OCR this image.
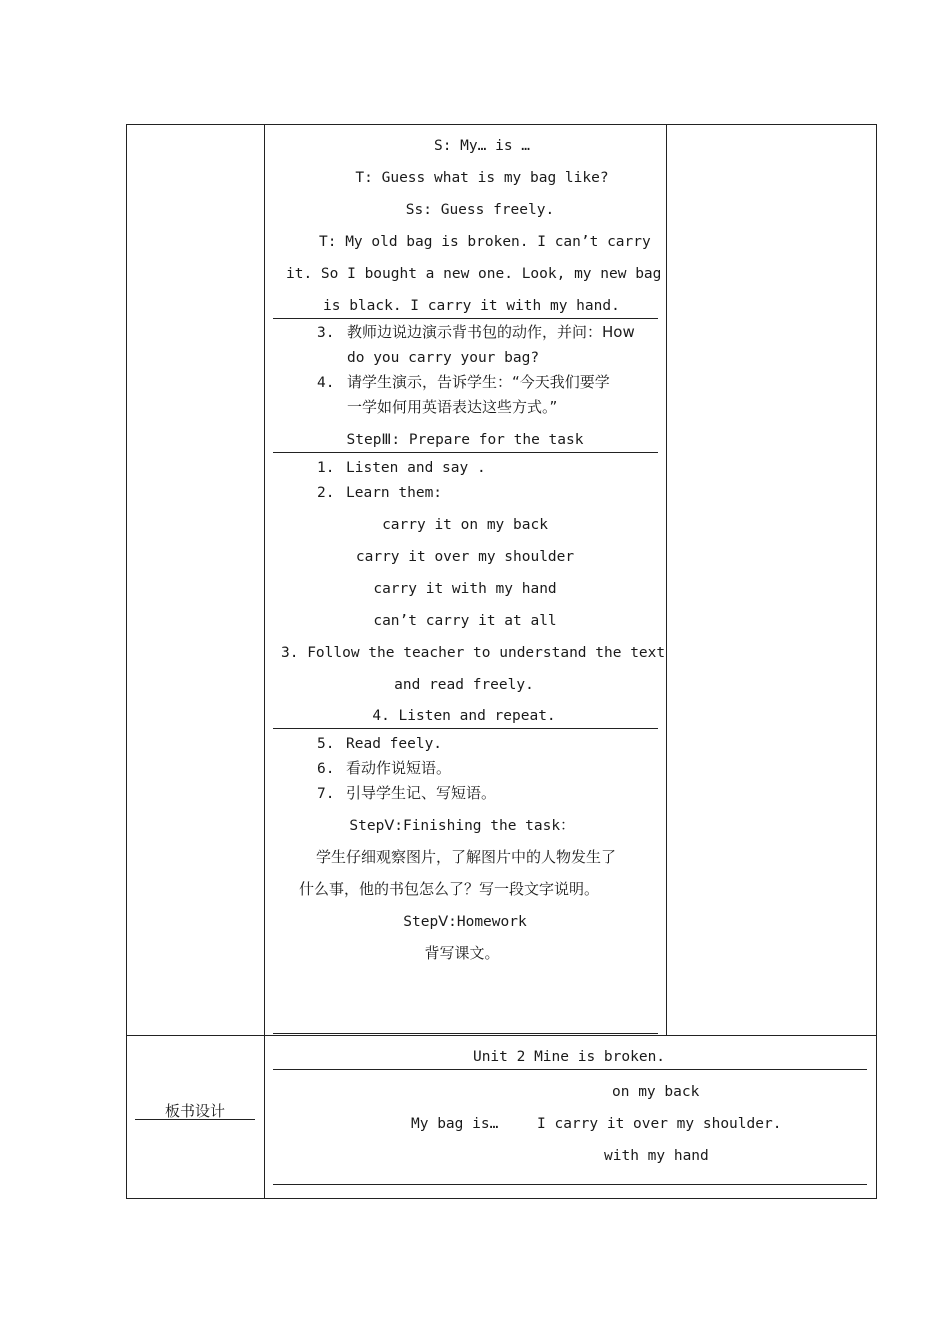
S: My… is …
T: Guess what is my bag like?
Ss: Guess freely.
T: My old bag is broken. I can’t carry
it. So I bought a new one. Look, my new bag
is black. I carry it with my hand.
3. 教师边说边演示背书包的动作，并问：How
do you carry your bag?
4. 请学生演示，告诉学生：“今天我们要学
一学如何用英语表达这些方式。”
StepⅢ: Prepare for the task
1. Listen and say .
2. Learn them:
carry it on my back
carry it over my shoulder
carry it with my hand
can’t carry it at all
3. Follow the teacher to understand the text
and read freely.
4. Listen and repeat.
5. Read feely.
6. 看动作说短语。
7. 引导学生记、写短语。
StepⅤ:Finishing the task：
学生仔细观察图片，了解图片中的人物发生了
什么事，他的书包怎么了？写一段文字说明。
StepⅤ:Homework
背写课文。
板书设计
Unit 2 Mine is broken.
on my back
My bag is…	I carry it over my shoulder.
with my hand
